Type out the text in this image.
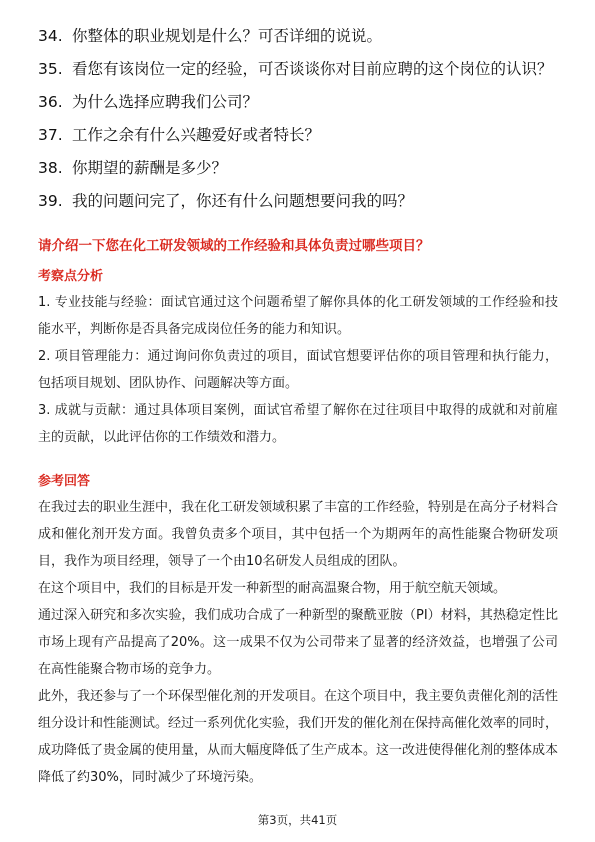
34. 你整体的职业规划是什么？可否详细的说说。
35. 看您有该岗位一定的经验，可否谈谈你对目前应聘的这个岗位的认识？
36. 为什么选择应聘我们公司？
37. 工作之余有什么兴趣爱好或者特长？
38. 你期望的薪酬是多少？
39. 我的问题问完了，你还有什么问题想要问我的吗？
请介绍一下您在化工研发领域的工作经验和具体负责过哪些项目？
考察点分析
1. 专业技能与经验：面试官通过这个问题希望了解你具体的化工研发领域的工作经验和技能水平，判断你是否具备完成岗位任务的能力和知识。
2. 项目管理能力：通过询问你负责过的项目，面试官想要评估你的项目管理和执行能力，包括项目规划、团队协作、问题解决等方面。
3. 成就与贡献：通过具体项目案例，面试官希望了解你在过往项目中取得的成就和对前雇主的贡献，以此评估你的工作绩效和潜力。
参考回答
在我过去的职业生涯中，我在化工研发领域积累了丰富的工作经验，特别是在高分子材料合成和催化剂开发方面。我曾负责多个项目，其中包括一个为期两年的高性能聚合物研发项目，我作为项目经理，领导了一个由10名研发人员组成的团队。
在这个项目中，我们的目标是开发一种新型的耐高温聚合物，用于航空航天领域。
通过深入研究和多次实验，我们成功合成了一种新型的聚酰亚胺（PI）材料，其热稳定性比市场上现有产品提高了20%。这一成果不仅为公司带来了显著的经济效益，也增强了公司在高性能聚合物市场的竞争力。
此外，我还参与了一个环保型催化剂的开发项目。在这个项目中，我主要负责催化剂的活性组分设计和性能测试。经过一系列优化实验，我们开发的催化剂在保持高催化效率的同时，成功降低了贵金属的使用量，从而大幅度降低了生产成本。这一改进使得催化剂的整体成本降低了约30%，同时减少了环境污染。
第3页，共41页
